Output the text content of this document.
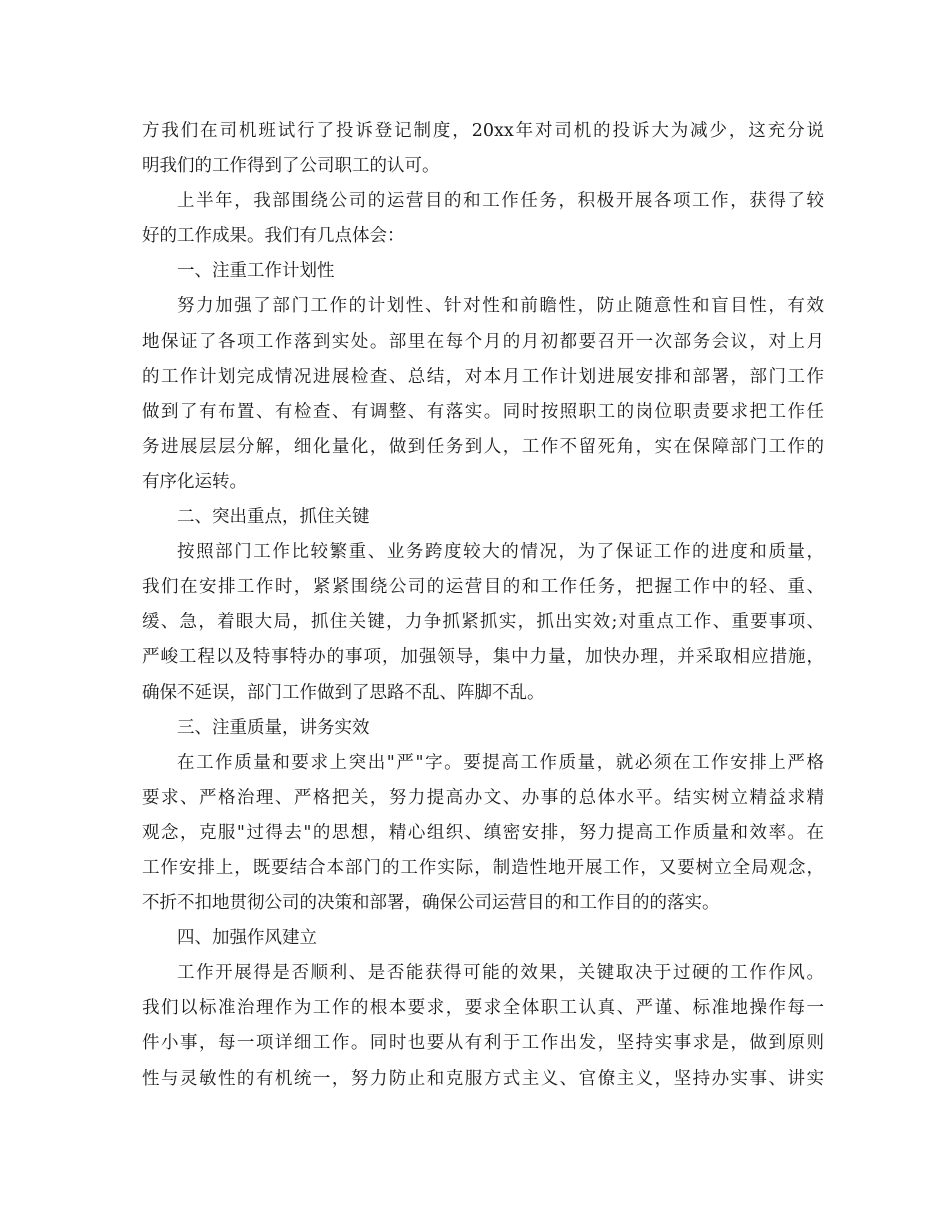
方我们在司机班试行了投诉登记制度，20xx年对司机的投诉大为减少，这充分说
明我们的工作得到了公司职工的认可。
上半年，我部围绕公司的运营目的和工作任务，积极开展各项工作，获得了较
好的工作成果。我们有几点体会：
一、注重工作计划性
努力加强了部门工作的计划性、针对性和前瞻性，防止随意性和盲目性，有效
地保证了各项工作落到实处。部里在每个月的月初都要召开一次部务会议，对上月
的工作计划完成情况进展检查、总结，对本月工作计划进展安排和部署，部门工作
做到了有布置、有检查、有调整、有落实。同时按照职工的岗位职责要求把工作任
务进展层层分解，细化量化，做到任务到人，工作不留死角，实在保障部门工作的
有序化运转。
二、突出重点，抓住关键
按照部门工作比较繁重、业务跨度较大的情况，为了保证工作的进度和质量，
我们在安排工作时，紧紧围绕公司的运营目的和工作任务，把握工作中的轻、重、
缓、急，着眼大局，抓住关键，力争抓紧抓实，抓出实效;对重点工作、重要事项、
严峻工程以及特事特办的事项，加强领导，集中力量，加快办理，并采取相应措施，
确保不延误，部门工作做到了思路不乱、阵脚不乱。
三、注重质量，讲务实效
在工作质量和要求上突出"严"字。要提高工作质量，就必须在工作安排上严格
要求、严格治理、严格把关，努力提高办文、办事的总体水平。结实树立精益求精
观念，克服"过得去"的思想，精心组织、缜密安排，努力提高工作质量和效率。在
工作安排上，既要结合本部门的工作实际，制造性地开展工作，又要树立全局观念，
不折不扣地贯彻公司的决策和部署，确保公司运营目的和工作目的的落实。
四、加强作风建立
工作开展得是否顺利、是否能获得可能的效果，关键取决于过硬的工作作风。
我们以标准治理作为工作的根本要求，要求全体职工认真、严谨、标准地操作每一
件小事，每一项详细工作。同时也要从有利于工作出发，坚持实事求是，做到原则
性与灵敏性的有机统一，努力防止和克服方式主义、官僚主义，坚持办实事、讲实
